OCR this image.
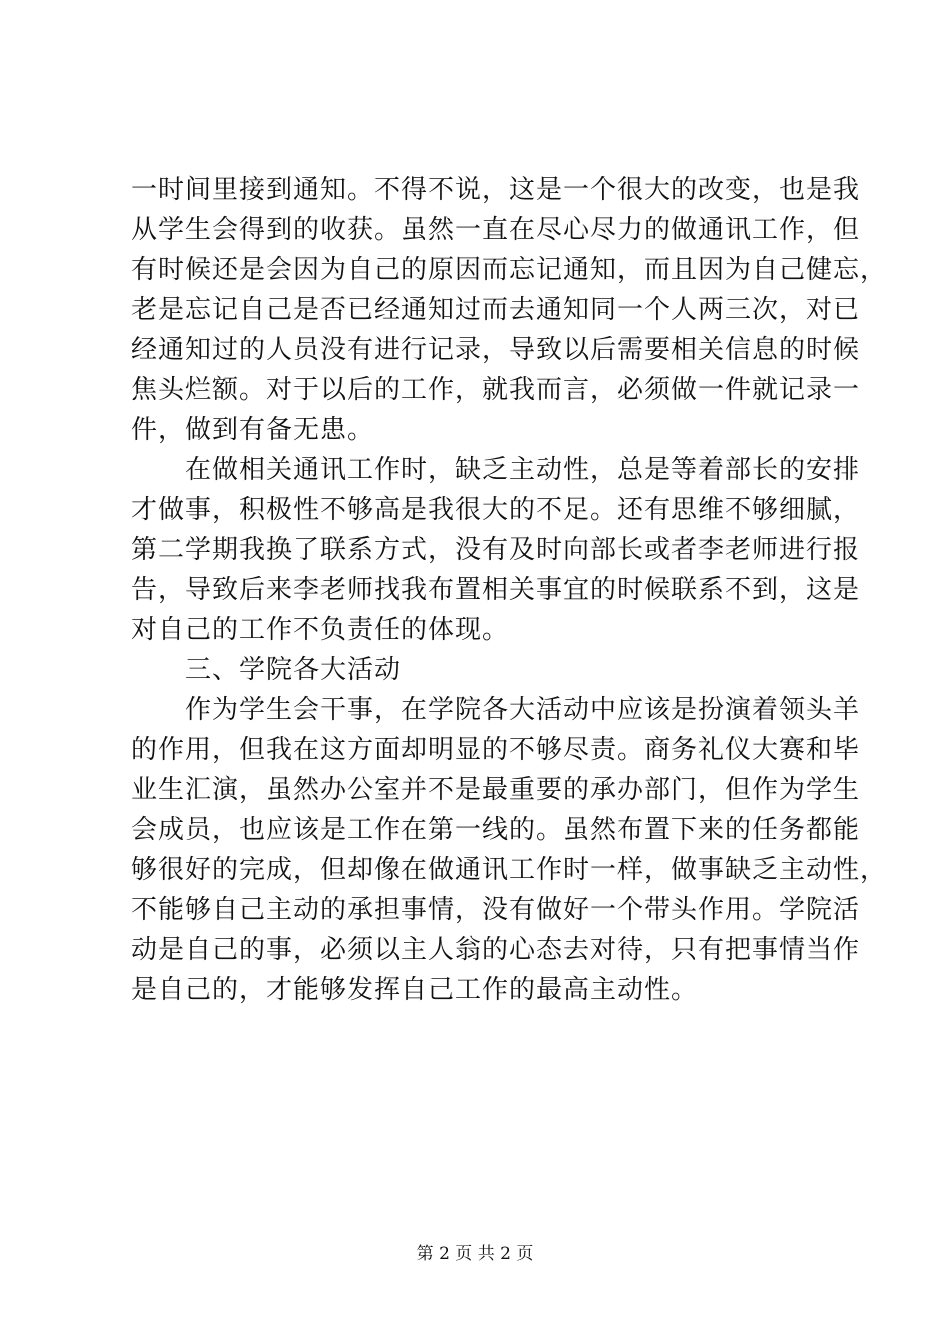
一时间里接到通知。不得不说，这是一个很大的改变，也是我
从学生会得到的收获。虽然一直在尽心尽力的做通讯工作，但
有时候还是会因为自己的原因而忘记通知，而且因为自己健忘，
老是忘记自己是否已经通知过而去通知同一个人两三次，对已
经通知过的人员没有进行记录，导致以后需要相关信息的时候
焦头烂额。对于以后的工作，就我而言，必须做一件就记录一
件，做到有备无患。
　　在做相关通讯工作时，缺乏主动性，总是等着部长的安排
才做事，积极性不够高是我很大的不足。还有思维不够细腻，
第二学期我换了联系方式，没有及时向部长或者李老师进行报
告，导致后来李老师找我布置相关事宜的时候联系不到，这是
对自己的工作不负责任的体现。
　　三、学院各大活动
　　作为学生会干事，在学院各大活动中应该是扮演着领头羊
的作用，但我在这方面却明显的不够尽责。商务礼仪大赛和毕
业生汇演，虽然办公室并不是最重要的承办部门，但作为学生
会成员，也应该是工作在第一线的。虽然布置下来的任务都能
够很好的完成，但却像在做通讯工作时一样，做事缺乏主动性，
不能够自己主动的承担事情，没有做好一个带头作用。学院活
动是自己的事，必须以主人翁的心态去对待，只有把事情当作
是自己的，才能够发挥自己工作的最高主动性。
第 2 页 共 2 页
